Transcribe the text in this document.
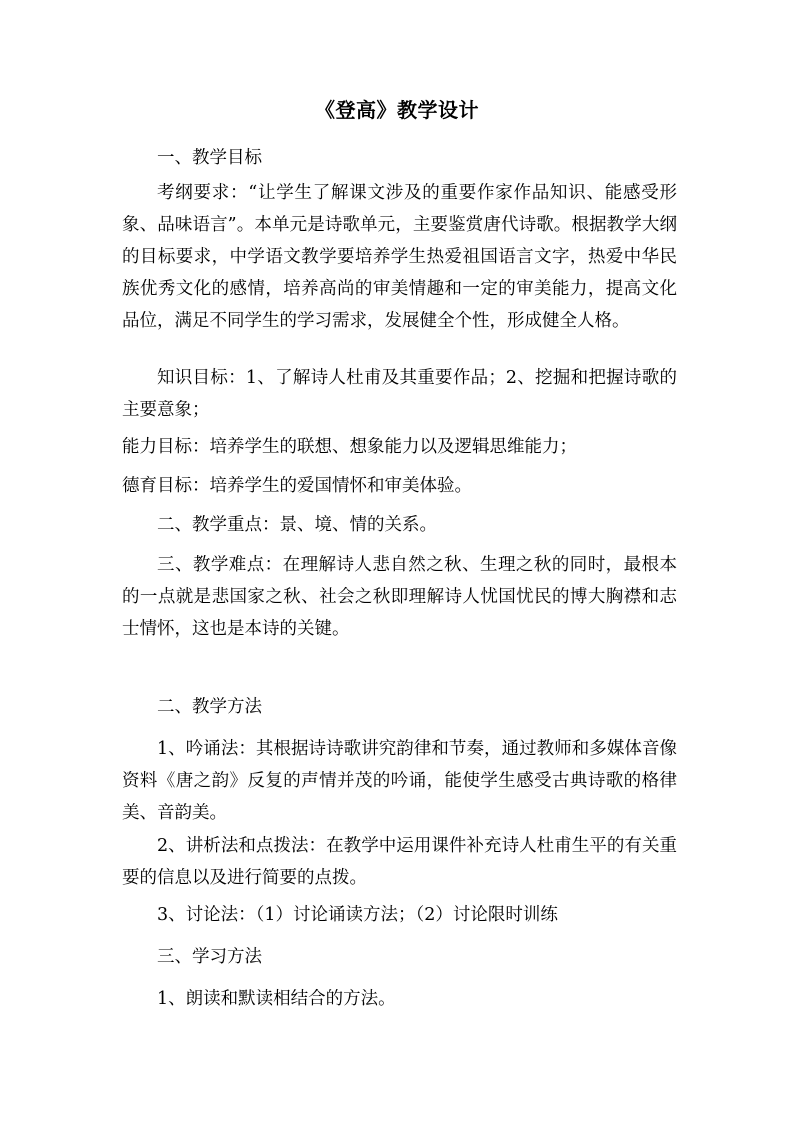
《登高》教学设计

一、教学目标

考纲要求：“让学生了解课文涉及的重要作家作品知识、能感受形象、品味语言”。本单元是诗歌单元，主要鉴赏唐代诗歌。根据教学大纲的目标要求，中学语文教学要培养学生热爱祖国语言文字，热爱中华民族优秀文化的感情，培养高尚的审美情趣和一定的审美能力，提高文化品位，满足不同学生的学习需求，发展健全个性，形成健全人格。

知识目标：1、了解诗人杜甫及其重要作品；2、挖掘和把握诗歌的主要意象；

能力目标：培养学生的联想、想象能力以及逻辑思维能力；

德育目标：培养学生的爱国情怀和审美体验。

二、教学重点：景、境、情的关系。

三、教学难点：在理解诗人悲自然之秋、生理之秋的同时，最根本的一点就是悲国家之秋、社会之秋即理解诗人忧国忧民的博大胸襟和志士情怀，这也是本诗的关键。

二、教学方法

1、吟诵法：其根据诗诗歌讲究韵律和节奏，通过教师和多媒体音像资料《唐之韵》反复的声情并茂的吟诵，能使学生感受古典诗歌的格律美、音韵美。

2、讲析法和点拨法：在教学中运用课件补充诗人杜甫生平的有关重要的信息以及进行简要的点拨。

3、讨论法：（1）讨论诵读方法；（2）讨论限时训练

三、学习方法

1、朗读和默读相结合的方法。
